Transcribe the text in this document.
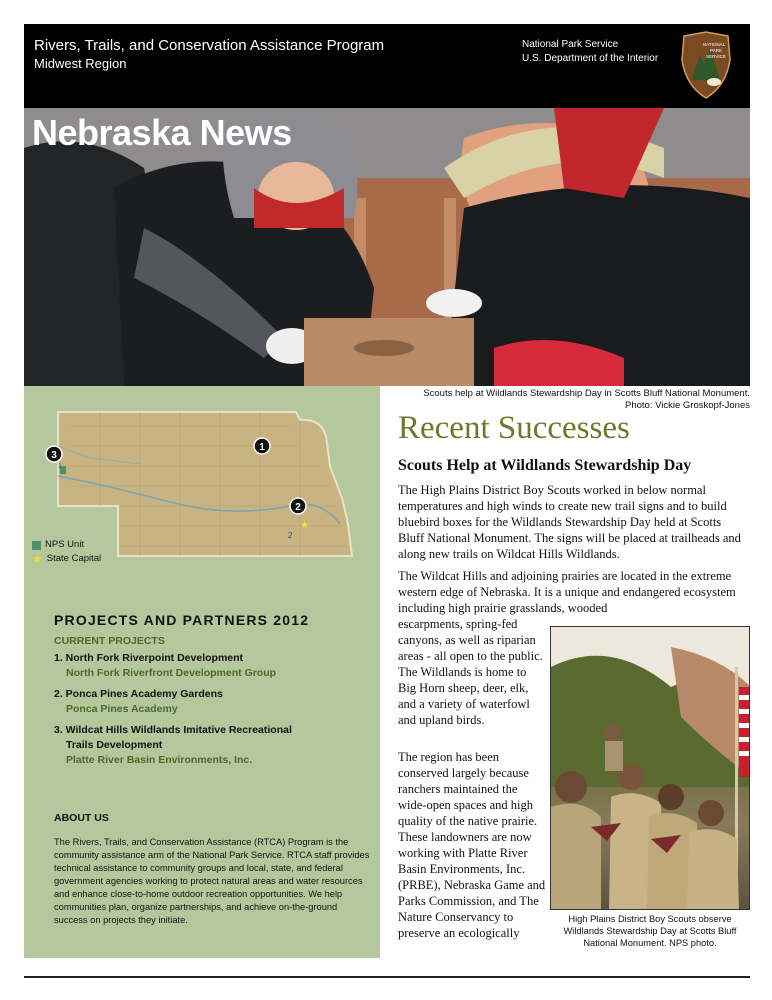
Rivers, Trails, and Conservation Assistance Program
Midwest Region
National Park Service
U.S. Department of the Interior
NATIONAL
PARK
SERVICE
Nebraska News
Scouts help at Wildlands Stewardship Day in Scotts Bluff National Monument.
Photo: Vickie Groskopf-Jones
1
2
3
1
2
★
NPS Unit
★ State Capital
PROJECTS AND PARTNERS 2012
CURRENT PROJECTS
1. North Fork Riverpoint Development
North Fork Riverfront Development Group
2. Ponca Pines Academy Gardens
Ponca Pines Academy
3. Wildcat Hills Wildlands Imitative Recreational
Trails Development
Platte River Basin Environments, Inc.
ABOUT US
The Rivers, Trails, and Conservation Assistance (RTCA) Program is the community assistance arm of the National Park Service. RTCA staff provides technical assistance to community groups and local, state, and federal government agencies working to protect natural areas and water resources and enhance close-to-home outdoor recreation opportunities. We help communities plan, organize partnerships, and achieve on-the-ground success on projects they initiate.
Recent Successes
Scouts Help at Wildlands Stewardship Day
The High Plains District Boy Scouts worked in below normal temperatures and high winds to create new trail signs and to build bluebird boxes for the Wildlands Stewardship Day held at Scotts Bluff National Monument. The signs will be placed at trailheads and along new trails on Wildcat Hills Wildlands.
The Wildcat Hills and adjoining prairies are located in the extreme western edge of Nebraska. It is a unique and endangered ecosystem including high prairie grasslands, wooded
escarpments, spring-fed canyons, as well as riparian areas - all open to the public. The Wildlands is home to Big Horn sheep, deer, elk, and a variety of waterfowl and upland birds.
The region has been conserved largely because ranchers maintained the wide-open spaces and high quality of the native prairie. These landowners are now working with Platte River Basin Environments, Inc. (PRBE), Nebraska Game and Parks Commission, and The Nature Conservancy to preserve an ecologically
High Plains District Boy Scouts observe Wildlands Stewardship Day at Scotts Bluff National Monument. NPS photo.
